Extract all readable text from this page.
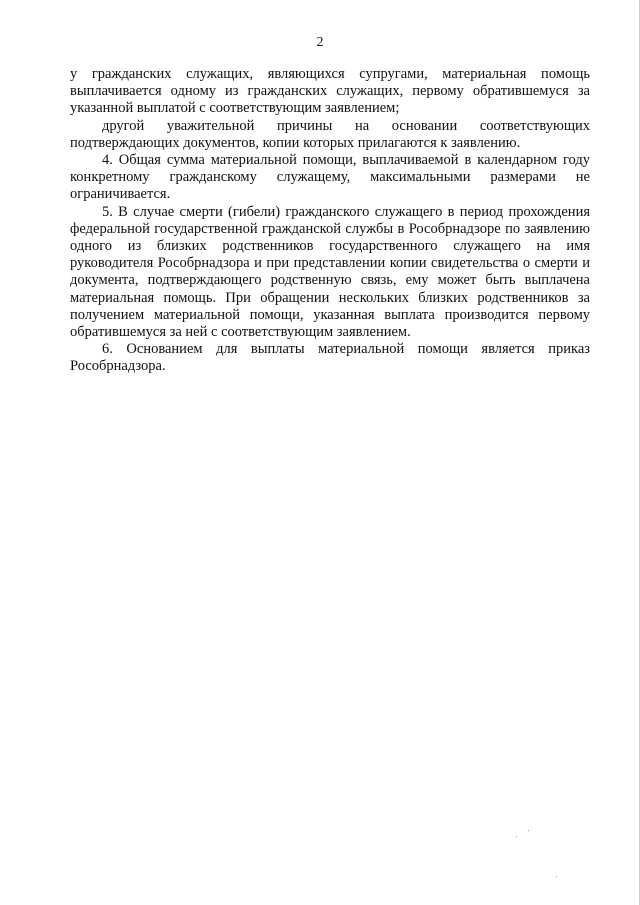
2

у гражданских служащих, являющихся супругами, материальная помощь выплачивается одному из гражданских служащих, первому обратившемуся за указанной выплатой с соответствующим заявлением;

другой уважительной причины на основании соответствующих подтверждающих документов, копии которых прилагаются к заявлению.

4. Общая сумма материальной помощи, выплачиваемой в календарном году конкретному гражданскому служащему, максимальными размерами не ограничивается.

5. В случае смерти (гибели) гражданского служащего в период прохождения федеральной государственной гражданской службы в Рособрнадзоре по заявлению одного из близких родственников государственного служащего на имя руководителя Рособрнадзора и при представлении копии свидетельства о смерти и документа, подтверждающего родственную связь, ему может быть выплачена материальная помощь. При обращении нескольких близких родственников за получением материальной помощи, указанная выплата производится первому обратившемуся за ней с соответствующим заявлением.

6. Основанием для выплаты материальной помощи является приказ Рособрнадзора.
